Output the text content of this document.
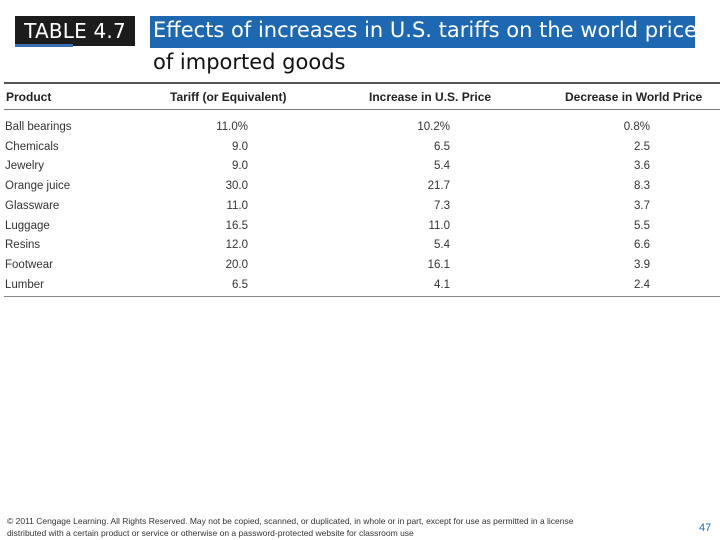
TABLE 4.7	Effects of increases in U.S. tariffs on the world price
of imported goods
Product	Tariff (or Equivalent)	Increase in U.S. Price	Decrease in World Price
Ball bearings	11.0%	10.2%	0.8%
Chemicals	9.0	6.5	2.5
Jewelry	9.0	5.4	3.6
Orange juice	30.0	21.7	8.3
Glassware	11.0	7.3	3.7
Luggage	16.5	11.0	5.5
Resins	12.0	5.4	6.6
Footwear	20.0	16.1	3.9
Lumber	6.5	4.1	2.4
© 2011 Cengage Learning. All Rights Reserved. May not be copied, scanned, or duplicated, in whole or in part, except for use as permitted in a license
distributed with a certain product or service or otherwise on a password-protected website for classroom use	47
